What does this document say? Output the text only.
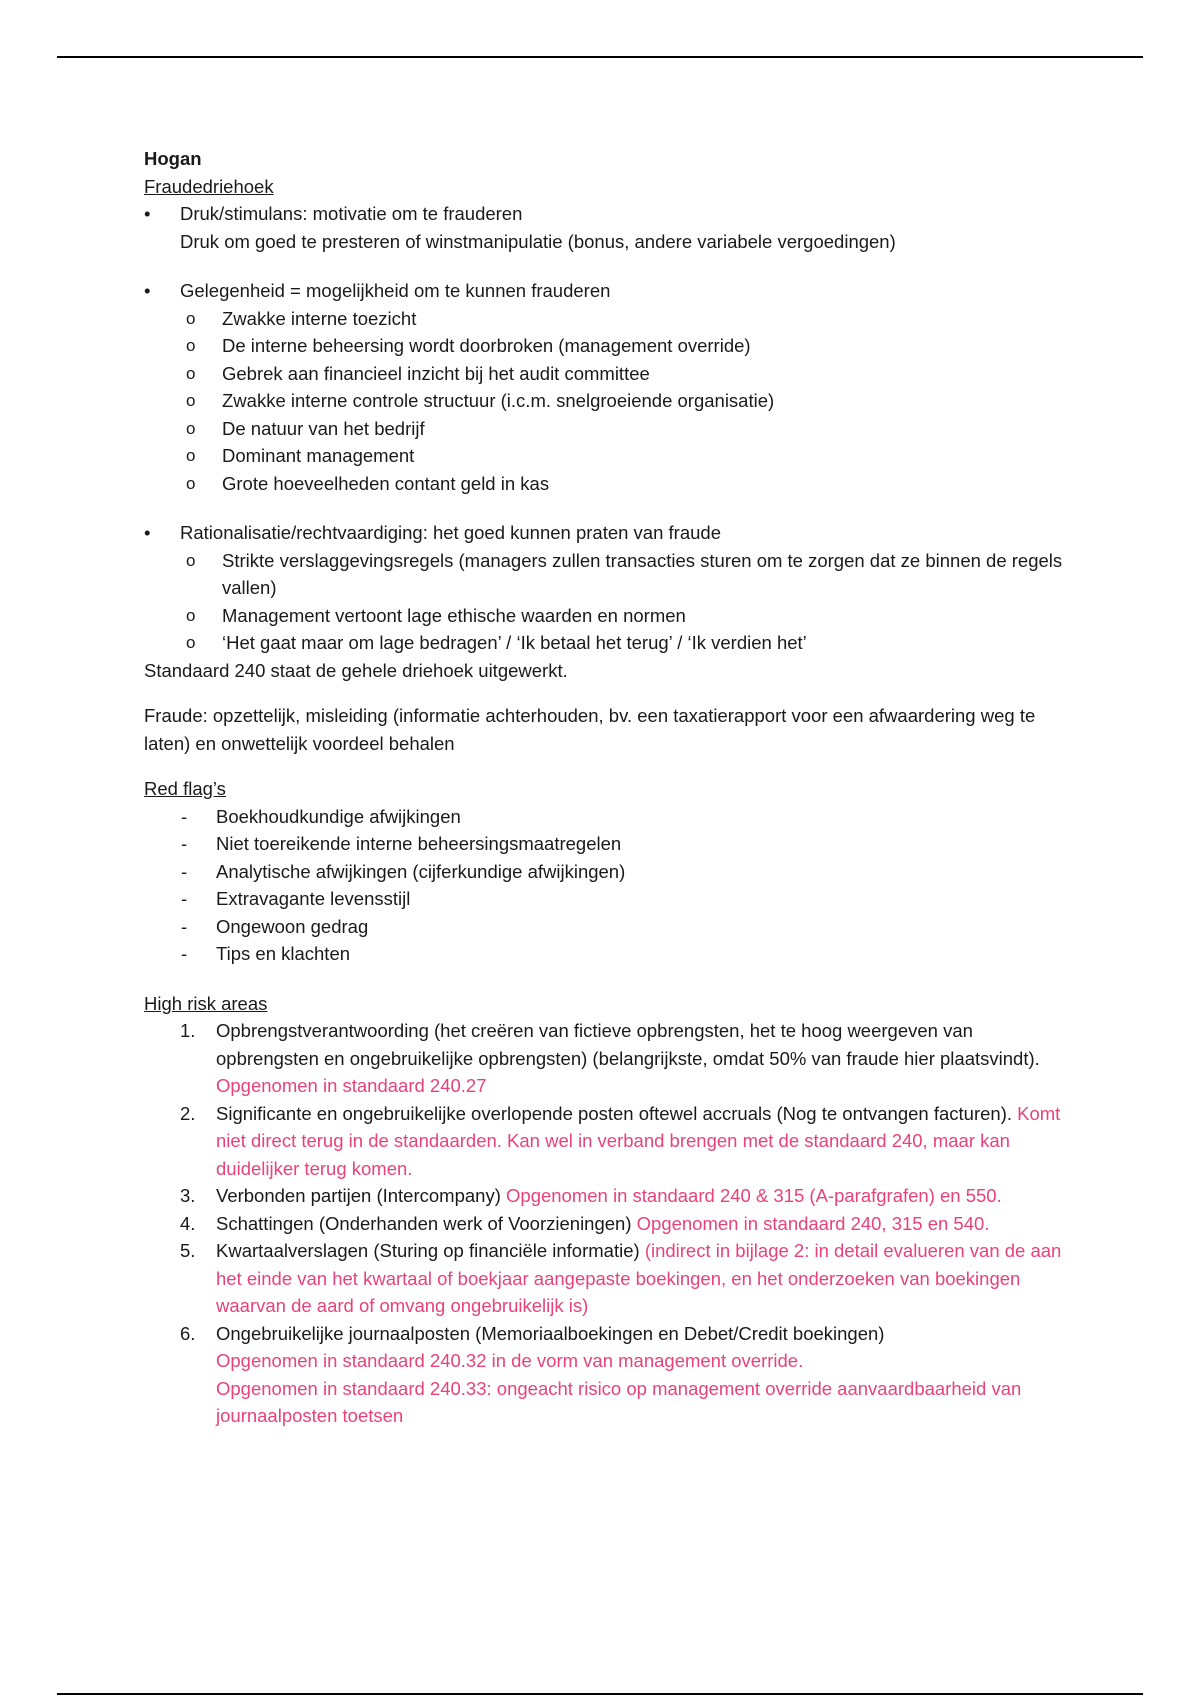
Hogan
Fraudedriehoek
•	Druk/stimulans: motivatie om te frauderen
Druk om goed te presteren of winstmanipulatie (bonus, andere variabele vergoedingen)
•	Gelegenheid = mogelijkheid om te kunnen frauderen
o Zwakke interne toezicht
o De interne beheersing wordt doorbroken (management override)
o Gebrek aan financieel inzicht bij het audit committee
o Zwakke interne controle structuur (i.c.m. snelgroeiende organisatie)
o De natuur van het bedrijf
o Dominant management
o Grote hoeveelheden contant geld in kas
•	Rationalisatie/rechtvaardiging: het goed kunnen praten van fraude
o Strikte verslaggevingsregels (managers zullen transacties sturen om te zorgen dat ze binnen de regels vallen)
o Management vertoont lage ethische waarden en normen
o ‘Het gaat maar om lage bedragen’ / ‘Ik betaal het terug’ / ‘Ik verdien het’
Standaard 240 staat de gehele driehoek uitgewerkt.
Fraude: opzettelijk, misleiding (informatie achterhouden, bv. een taxatierapport voor een afwaardering weg te laten) en onwettelijk voordeel behalen
Red flag’s
- Boekhoudkundige afwijkingen
- Niet toereikende interne beheersingsmaatregelen
- Analytische afwijkingen (cijferkundige afwijkingen)
- Extravagante levensstijl
- Ongewoon gedrag
- Tips en klachten
High risk areas
1. Opbrengstverantwoording (het creëren van fictieve opbrengsten, het te hoog weergeven van opbrengsten en ongebruikelijke opbrengsten) (belangrijkste, omdat 50% van fraude hier plaatsvindt). Opgenomen in standaard 240.27
2. Significante en ongebruikelijke overlopende posten oftewel accruals (Nog te ontvangen facturen). Komt niet direct terug in de standaarden. Kan wel in verband brengen met de standaard 240, maar kan duidelijker terug komen.
3. Verbonden partijen (Intercompany) Opgenomen in standaard 240 & 315 (A-parafgrafen) en 550.
4. Schattingen (Onderhanden werk of Voorzieningen) Opgenomen in standaard 240, 315 en 540.
5. Kwartaalverslagen (Sturing op financiële informatie) (indirect in bijlage 2: in detail evalueren van de aan het einde van het kwartaal of boekjaar aangepaste boekingen, en het onderzoeken van boekingen waarvan de aard of omvang ongebruikelijk is)
6. Ongebruikelijke journaalposten (Memoriaalboekingen en Debet/Credit boekingen)
Opgenomen in standaard 240.32 in de vorm van management override.
Opgenomen in standaard 240.33: ongeacht risico op management override aanvaardbaarheid van journaalposten toetsen
